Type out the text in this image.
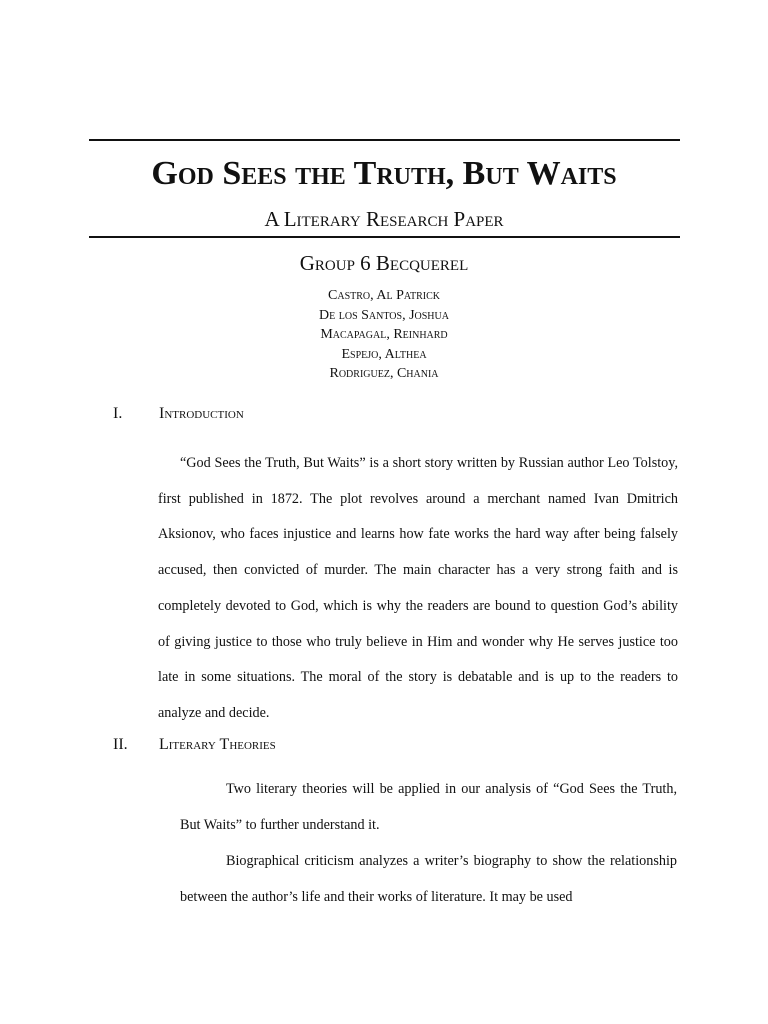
God Sees the Truth, But Waits
A Literary Research Paper
Group 6 Becquerel
Castro, Al Patrick
De los Santos, Joshua
Macapagal, Reinhard
Espejo, Althea
Rodriguez, Chania
I. Introduction

“God Sees the Truth, But Waits” is a short story written by Russian author Leo Tolstoy, first published in 1872. The plot revolves around a merchant named Ivan Dmitrich Aksionov, who faces injustice and learns how fate works the hard way after being falsely accused, then convicted of murder. The main character has a very strong faith and is completely devoted to God, which is why the readers are bound to question God’s ability of giving justice to those who truly believe in Him and wonder why He serves justice too late in some situations. The moral of the story is debatable and is up to the readers to analyze and decide.

II. Literary Theories

Two literary theories will be applied in our analysis of “God Sees the Truth, But Waits” to further understand it.

Biographical criticism analyzes a writer’s biography to show the relationship between the author’s life and their works of literature. It may be used
